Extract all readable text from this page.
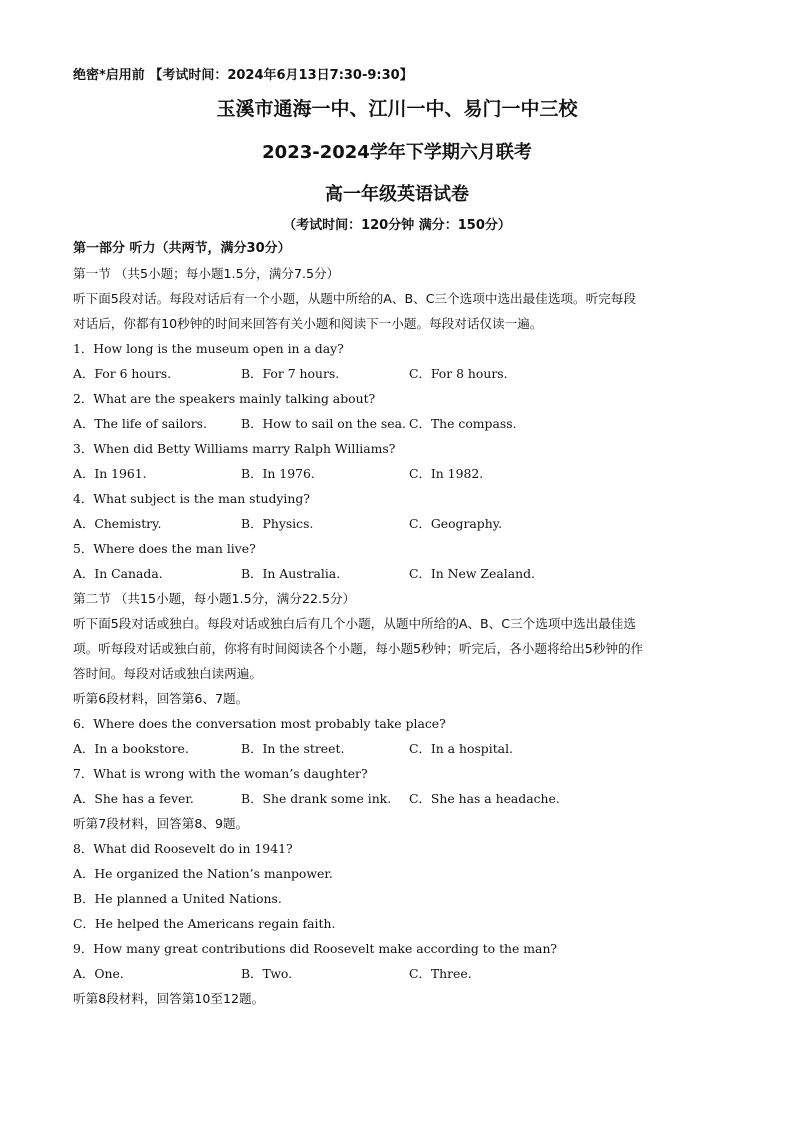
绝密*启用前 【考试时间：2024年6月13日7:30-9:30】
玉溪市通海一中、江川一中、易门一中三校
2023-2024学年下学期六月联考
高一年级英语试卷
（考试时间：120分钟 满分：150分）
第一部分 听力（共两节，满分30分）
第一节 （共5小题；每小题1.5分，满分7.5分）
听下面5段对话。每段对话后有一个小题，从题中所给的A、B、C三个选项中选出最佳选项。听完每段
对话后，你都有10秒钟的时间来回答有关小题和阅读下一小题。每段对话仅读一遍。
1．How long is the museum open in a day?
A．For 6 hours.	B．For 7 hours.	C．For 8 hours.
2．What are the speakers mainly talking about?
A．The life of sailors.	B．How to sail on the sea. C．The compass.
3．When did Betty Williams marry Ralph Williams?
A．In 1961.	B．In 1976.	C．In 1982.
4．What subject is the man studying?
A．Chemistry.	B．Physics.	C．Geography.
5．Where does the man live?
A．In Canada.	B．In Australia.	C．In New Zealand.
第二节 （共15小题，每小题1.5分，满分22.5分）
听下面5段对话或独白。每段对话或独白后有几个小题，从题中所给的A、B、C三个选项中选出最佳选
项。听每段对话或独白前，你将有时间阅读各个小题，每小题5秒钟；听完后，各小题将给出5秒钟的作
答时间。每段对话或独白读两遍。
听第6段材料，回答第6、7题。
6．Where does the conversation most probably take place?
A．In a bookstore.	B．In the street.	C．In a hospital.
7．What is wrong with the woman’s daughter?
A．She has a fever.	B．She drank some ink.	C．She has a headache.
听第7段材料，回答第8、9题。
8．What did Roosevelt do in 1941?
A．He organized the Nation’s manpower.
B．He planned a United Nations.
C．He helped the Americans regain faith.
9．How many great contributions did Roosevelt make according to the man?
A．One.	B．Two.	C．Three.
听第8段材料，回答第10至12题。
